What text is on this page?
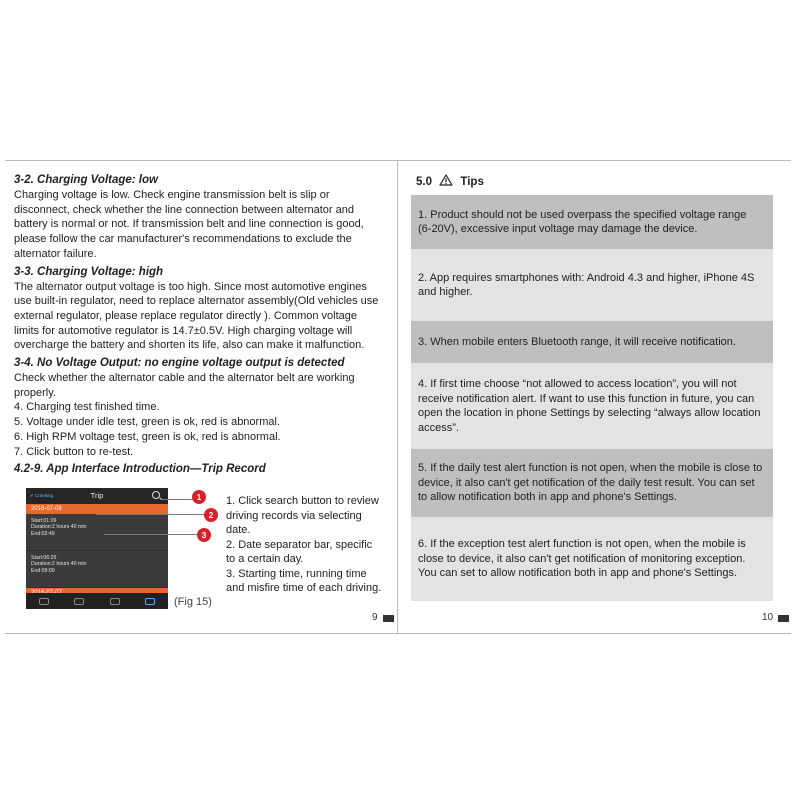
3-2. Charging Voltage: low
Charging voltage is low. Check engine transmission belt is slip or
disconnect, check whether the line connection between alternator and
battery is normal or not. If transmission belt and line connection is good,
please follow the car manufacturer's recommendations to exclude the
alternator failure.
3-3. Charging Voltage: high
The alternator output voltage is too high. Since most automotive engines
use built-in regulator, need to replace alternator assembly(Old vehicles use
external regulator, please replace regulator directly ). Common voltage
limits for automotive regulator is 14.7±0.5V. High charging voltage will
overcharge the battery and shorten its life, also can make it malfunction.
3-4. No Voltage Output: no engine voltage output is detected
Check whether the alternator cable and the alternator belt are working
properly.
4. Charging test finished time.
5. Voltage under idle test, green is ok, red is abnormal.
6. High RPM voltage test, green is ok, red is abnormal.
7. Click button to re-test.
4.2-9. App Interface Introduction—Trip Record
✔ Cranking	Trip
2016-07-08
Start:01:09
Duration:2 hours 40 min
End:03:49
Start:06:29
Duration:2 hours 40 min
End:09:09
1
2
3
(Fig 15)
1. Click search button to review
driving records via selecting
date.
2. Date separator bar, specific
to a certain day.
3. Starting time, running time
and misfire time of each driving.
9
5.0 Tips
1. Product should not be used overpass the specified voltage range
(6-20V), excessive input voltage may damage the device.
2. App requires smartphones with: Android 4.3 and higher, iPhone 4S
and higher.
3. When mobile enters Bluetooth range, it will receive notification.
4. If first time choose “not allowed to access location”, you will not
receive notification alert. If want to use this function in future, you can
open the location in phone Settings by selecting “always allow location
access”.
5. If the daily test alert function is not open, when the mobile is close to
device, it also can't get notification of the daily test result. You can set
to allow notification both in app and phone's Settings.
6. If the exception test alert function is not open, when the mobile is
close to device, it also can't get notification of monitoring exception.
You can set to allow notification both in app and phone's Settings.
10
